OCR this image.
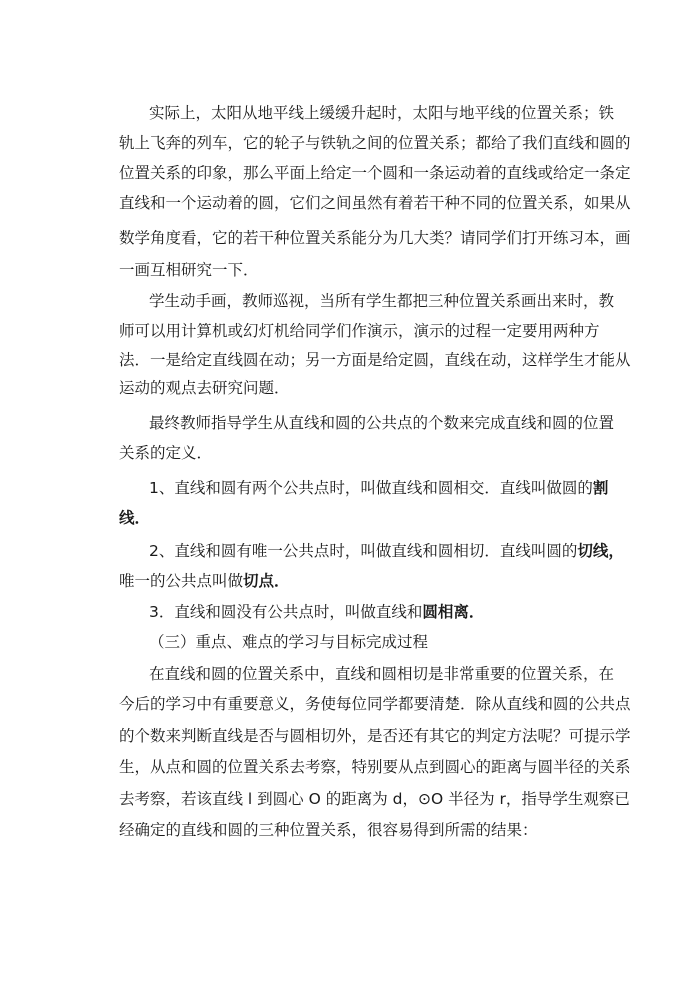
实际上，太阳从地平线上缓缓升起时，太阳与地平线的位置关系；铁
轨上飞奔的列车，它的轮子与铁轨之间的位置关系；都给了我们直线和圆的
位置关系的印象，那么平面上给定一个圆和一条运动着的直线或给定一条定
直线和一个运动着的圆，它们之间虽然有着若干种不同的位置关系，如果从
数学角度看，它的若干种位置关系能分为几大类？请同学们打开练习本，画
一画互相研究一下．
学生动手画，教师巡视，当所有学生都把三种位置关系画出来时，教
师可以用计算机或幻灯机给同学们作演示，演示的过程一定要用两种方
法．一是给定直线圆在动；另一方面是给定圆，直线在动，这样学生才能从
运动的观点去研究问题．
最终教师指导学生从直线和圆的公共点的个数来完成直线和圆的位置
关系的定义．
1、直线和圆有两个公共点时，叫做直线和圆相交．直线叫做圆的割
线．
2、直线和圆有唯一公共点时，叫做直线和圆相切．直线叫圆的切线，
唯一的公共点叫做切点．
3．直线和圆没有公共点时，叫做直线和圆相离．
（三）重点、难点的学习与目标完成过程
在直线和圆的位置关系中，直线和圆相切是非常重要的位置关系，在
今后的学习中有重要意义，务使每位同学都要清楚．除从直线和圆的公共点
的个数来判断直线是否与圆相切外，是否还有其它的判定方法呢？可提示学
生，从点和圆的位置关系去考察，特别要从点到圆心的距离与圆半径的关系
去考察，若该直线 l 到圆心 O 的距离为 d，⊙O 半径为 r，指导学生观察已
经确定的直线和圆的三种位置关系，很容易得到所需的结果：
